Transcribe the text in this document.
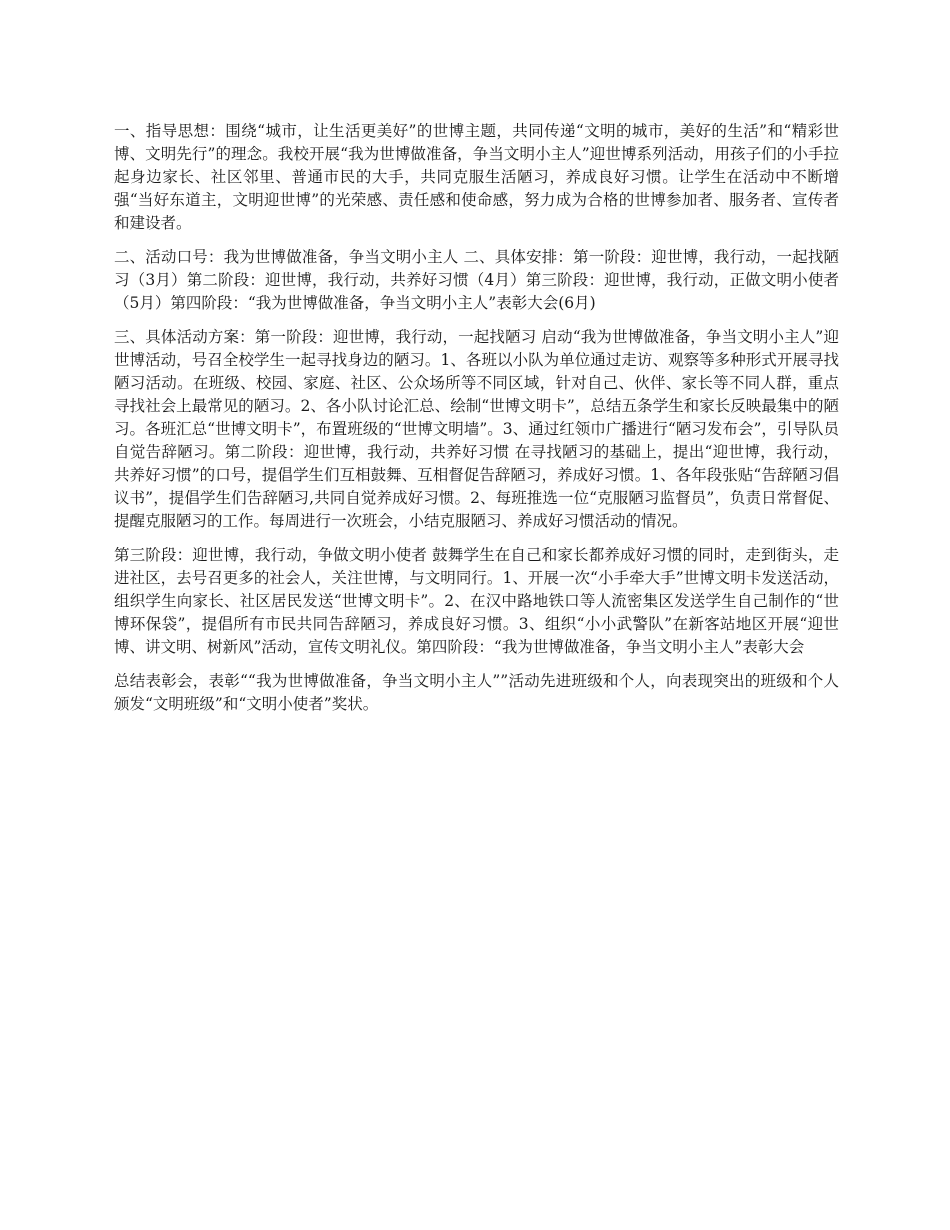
一、指导思想：围绕“城市，让生活更美好”的世博主题，共同传递“文明的城市，美好的生活”和“精彩世博、文明先行”的理念。我校开展“我为世博做准备，争当文明小主人”迎世博系列活动，用孩子们的小手拉起身边家长、社区邻里、普通市民的大手，共同克服生活陋习，养成良好习惯。让学生在活动中不断增强“当好东道主，文明迎世博”的光荣感、责任感和使命感，努力成为合格的世博参加者、服务者、宣传者和建设者。

二、活动口号：我为世博做准备，争当文明小主人 二、具体安排：第一阶段：迎世博，我行动，一起找陋习（3月）第二阶段：迎世博，我行动，共养好习惯（4月）第三阶段：迎世博，我行动，正做文明小使者（5月）第四阶段：“我为世博做准备，争当文明小主人”表彰大会(6月)

三、具体活动方案：第一阶段：迎世博，我行动，一起找陋习 启动“我为世博做准备，争当文明小主人”迎世博活动，号召全校学生一起寻找身边的陋习。1、各班以小队为单位通过走访、观察等多种形式开展寻找陋习活动。在班级、校园、家庭、社区、公众场所等不同区域，针对自己、伙伴、家长等不同人群，重点寻找社会上最常见的陋习。2、各小队讨论汇总、绘制“世博文明卡”，总结五条学生和家长反映最集中的陋习。各班汇总“世博文明卡”，布置班级的“世博文明墙”。3、通过红领巾广播进行“陋习发布会”，引导队员自觉告辞陋习。第二阶段：迎世博，我行动，共养好习惯 在寻找陋习的基础上，提出“迎世博，我行动，共养好习惯”的口号，提倡学生们互相鼓舞、互相督促告辞陋习，养成好习惯。1、各年段张贴“告辞陋习倡议书”，提倡学生们告辞陋习,共同自觉养成好习惯。2、每班推选一位“克服陋习监督员”，负责日常督促、提醒克服陋习的工作。每周进行一次班会，小结克服陋习、养成好习惯活动的情况。

第三阶段：迎世博，我行动，争做文明小使者 鼓舞学生在自己和家长都养成好习惯的同时，走到街头，走进社区，去号召更多的社会人，关注世博，与文明同行。1、开展一次“小手牵大手”世博文明卡发送活动，组织学生向家长、社区居民发送“世博文明卡”。2、在汉中路地铁口等人流密集区发送学生自己制作的“世博环保袋”，提倡所有市民共同告辞陋习，养成良好习惯。3、组织“小小武警队”在新客站地区开展“迎世博、讲文明、树新风”活动，宣传文明礼仪。第四阶段：“我为世博做准备，争当文明小主人”表彰大会

总结表彰会，表彰““我为世博做准备，争当文明小主人””活动先进班级和个人，向表现突出的班级和个人颁发“文明班级”和“文明小使者”奖状。
